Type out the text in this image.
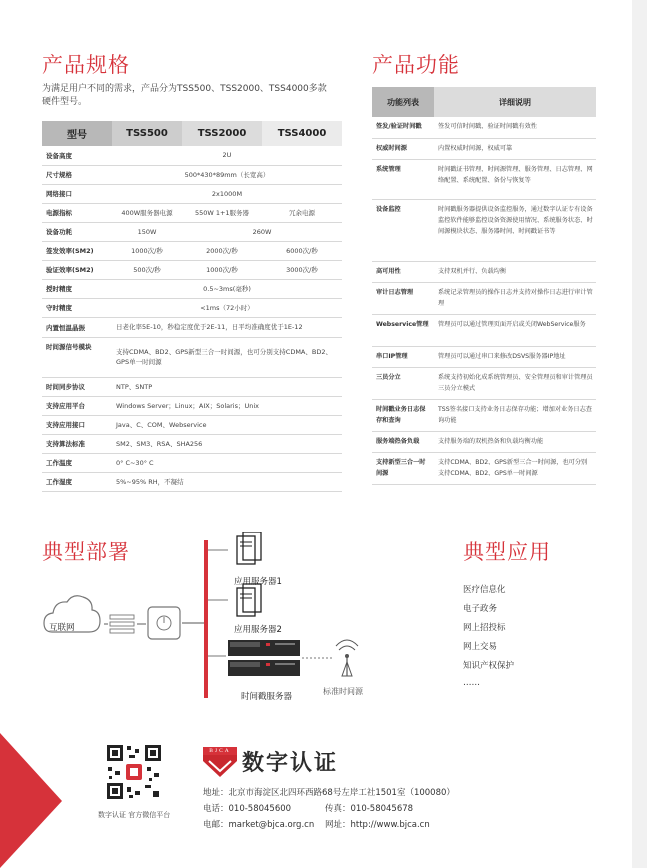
产品规格
为满足用户不同的需求，产品分为TSS500、TSS2000、TSS4000多款硬件型号。
型号	TSS500	TSS2000	TSS4000
设备高度	2U		
尺寸规格	500*430*89mm（长宽高）		
网络接口	2x1000M		
电源指标	400W服务器电源	550W 1+1服务器	冗余电源
设备功耗	150W	260W	
签发效率(SM2)	1000次/秒	2000次/秒	6000次/秒
验证效率(SM2)	500次/秒	1000次/秒	3000次/秒
授时精度	0.5~3ms(毫秒)		
守时精度	<1ms（72小时）		
内置恒温晶振	日老化率5E-10，秒稳定度优于2E-11，日平均准确度优于1E-12		
时间源信号模块	支持CDMA、BD2、GPS新型三合一时间源，也可分别支持CDMA、BD2、GPS单一时间源		
时间同步协议	NTP、SNTP		
支持应用平台	Windows Server；Linux；AIX；Solaris；Unix		
支持应用接口	Java、C、COM、Webservice		
支持算法标准	SM2、SM3、RSA、SHA256		
工作温度	0° C~30° C		
工作湿度	5%~95% RH，不凝结		
产品功能
功能列表	详细说明
签发/验证时间戳	签发可信时间戳、验证时间戳有效性
权威时间源	内置权威时间源，权威可靠
系统管理	时间戳证书管理、时间源管理、服务管理、日志管理、网络配置、系统配置、备份与恢复等
设备监控	时间戳服务器提供设备监控服务，通过数字认证专有设备监控软件能够监控设备资源使用情况、系统服务状态、时间源模块状态、服务器时间、时间戳证书等
高可用性	支持双机并行、负载均衡
审计日志管理	系统记录管理员的操作日志并支持对操作日志进行审计管理
Webservice管理	管理员可以通过管理页面开启或关闭WebService服务
串口IP管理	管理员可以通过串口来修改DSVS服务器IP地址
三员分立	系统支持初始化成系统管理员、安全管理员和审计管理员三员分立模式
时间戳业务日志保存和查询	TSS签名接口支持业务日志保存功能；增加对业务日志查询功能
服务端热备负载	支持服务端的双机热备和负载均衡功能
支持新型三合一时间源	支持CDMA、BD2、GPS新型三合一时间源，也可分别支持CDMA、BD2、GPS单一时间源
典型部署
互联网
应用服务器1
应用服务器2
时间戳服务器
标准时间源
典型应用
医疗信息化
电子政务
网上招投标
网上交易
知识产权保护
……
数字认证 官方微信平台
BJCA 数字认证
地址：北京市海淀区北四环西路68号左岸工社1501室（100080）
电话：010-58045600	传真：010-58045678
电邮：market@bjca.org.cn 网址：http://www.bjca.cn
